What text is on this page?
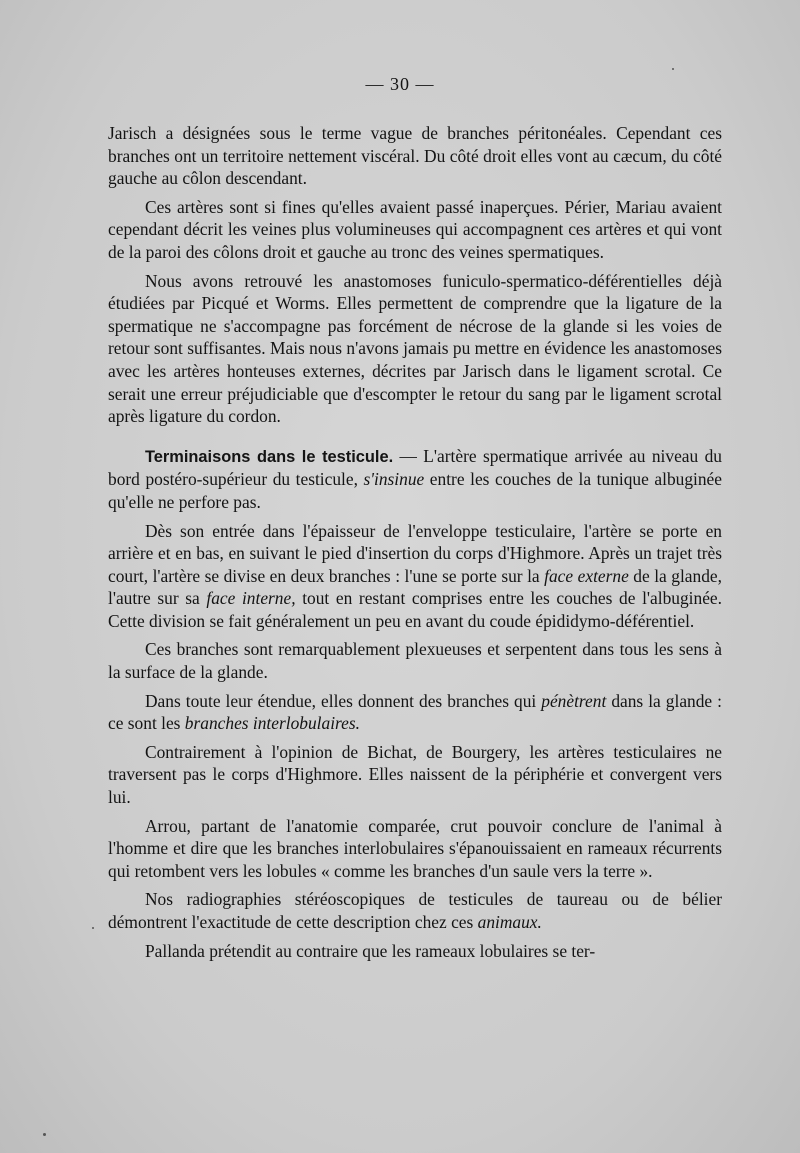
— 30 —

Jarisch a désignées sous le terme vague de branches péritonéales. Cependant ces branches ont un territoire nettement viscéral. Du côté droit elles vont au cæcum, du côté gauche au côlon descendant.

Ces artères sont si fines qu'elles avaient passé inaperçues. Périer, Mariau avaient cependant décrit les veines plus volumineuses qui accompagnent ces artères et qui vont de la paroi des côlons droit et gauche au tronc des veines spermatiques.

Nous avons retrouvé les anastomoses funiculo-spermatico-déférentielles déjà étudiées par Picqué et Worms. Elles permettent de comprendre que la ligature de la spermatique ne s'accompagne pas forcément de nécrose de la glande si les voies de retour sont suffisantes. Mais nous n'avons jamais pu mettre en évidence les anastomoses avec les artères honteuses externes, décrites par Jarisch dans le ligament scrotal. Ce serait une erreur préjudiciable que d'escompter le retour du sang par le ligament scrotal après ligature du cordon.

Terminaisons dans le testicule. — L'artère spermatique arrivée au niveau du bord postéro-supérieur du testicule, s'insinue entre les couches de la tunique albuginée qu'elle ne perfore pas.

Dès son entrée dans l'épaisseur de l'enveloppe testiculaire, l'artère se porte en arrière et en bas, en suivant le pied d'insertion du corps d'Highmore. Après un trajet très court, l'artère se divise en deux branches : l'une se porte sur la face externe de la glande, l'autre sur sa face interne, tout en restant comprises entre les couches de l'albuginée. Cette division se fait généralement un peu en avant du coude épididymo-déférentiel.

Ces branches sont remarquablement plexueuses et serpentent dans tous les sens à la surface de la glande.

Dans toute leur étendue, elles donnent des branches qui pénètrent dans la glande : ce sont les branches interlobulaires.

Contrairement à l'opinion de Bichat, de Bourgery, les artères testiculaires ne traversent pas le corps d'Highmore. Elles naissent de la périphérie et convergent vers lui.

Arrou, partant de l'anatomie comparée, crut pouvoir conclure de l'animal à l'homme et dire que les branches interlobulaires s'épanouissaient en rameaux récurrents qui retombent vers les lobules « comme les branches d'un saule vers la terre ».

Nos radiographies stéréoscopiques de testicules de taureau ou de bélier démontrent l'exactitude de cette description chez ces animaux.

Pallanda prétendit au contraire que les rameaux lobulaires se ter-
